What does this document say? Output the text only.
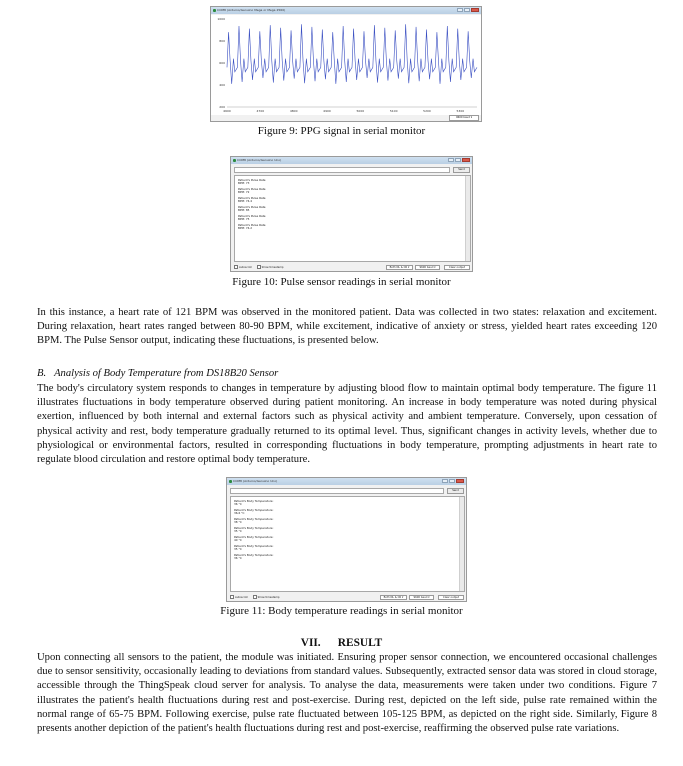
COM8 (Arduino/Genuino Mega or Mega 2560)
1000
800
600
400
200
4600	4700	4800	4900	5000	5100	5200	5300
9600 baud ▾
Figure 9: PPG signal in serial monitor
COM8 (Arduino/Genuino Uno)
Send
Patient's Pulse Rate

BPM: 73
Patient's Pulse Rate

BPM: 72
Patient's Pulse Rate

BPM: 74.4
Patient's Pulse Rate

BPM: 85
Patient's Pulse Rate

BPM: 75
Patient's Pulse Rate

BPM: 74.2
Autoscroll	Show timestamp	Both NL & CR ▾	9600 baud ▾	Clear output
Figure 10: Pulse sensor readings in serial monitor

In this instance, a heart rate of 121 BPM was observed in the monitored patient. Data was collected in two states: relaxation and excitement. During relaxation, heart rates ranged between 80-90 BPM, while excitement, indicative of anxiety or stress, yielded heart rates exceeding 120 BPM. The Pulse Sensor output, indicating these fluctuations, is presented below.

B.   Analysis of Body Temperature from DS18B20 Sensor

The body's circulatory system responds to changes in temperature by adjusting blood flow to maintain optimal body temperature. The figure 11 illustrates fluctuations in body temperature observed during patient monitoring. An increase in body temperature was noted during physical exertion, influenced by both internal and external factors such as physical activity and ambient temperature. Conversely, upon cessation of physical activity and rest, body temperature gradually returned to its optimal level. Thus, significant changes in activity levels, whether due to physiological or environmental factors, resulted in corresponding fluctuations in body temperature, prompting adjustments in heart rate to regulate blood circulation and restore optimal body temperature.

COM8 (Arduino/Genuino Uno)
Send
Patient's Body Temperature:

36 °C
Patient's Body Temperature:

36.6 °C
Patient's Body Temperature:

38 °C
Patient's Body Temperature:

35 °C
Patient's Body Temperature:

40 °C
Patient's Body Temperature:

35 °C
Patient's Body Temperature:

36 °C
Autoscroll	Show timestamp	Both NL & CR ▾	9600 baud ▾	Clear output
Figure 11: Body temperature readings in serial monitor
VII.      RESULT

Upon connecting all sensors to the patient, the module was initiated. Ensuring proper sensor connection, we encountered occasional challenges due to sensor sensitivity, occasionally leading to deviations from standard values. Subsequently, extracted sensor data was stored in cloud storage, accessible through the ThingSpeak cloud server for analysis. To analyse the data, measurements were taken under two conditions. Figure 7 illustrates the patient's health fluctuations during rest and post-exercise. During rest, depicted on the left side, pulse rate remained within the normal range of 65-75 BPM. Following exercise, pulse rate fluctuated between 105-125 BPM, as depicted on the right side. Similarly, Figure 8 presents another depiction of the patient's health fluctuations during rest and post-exercise, reaffirming the observed pulse rate variations.
